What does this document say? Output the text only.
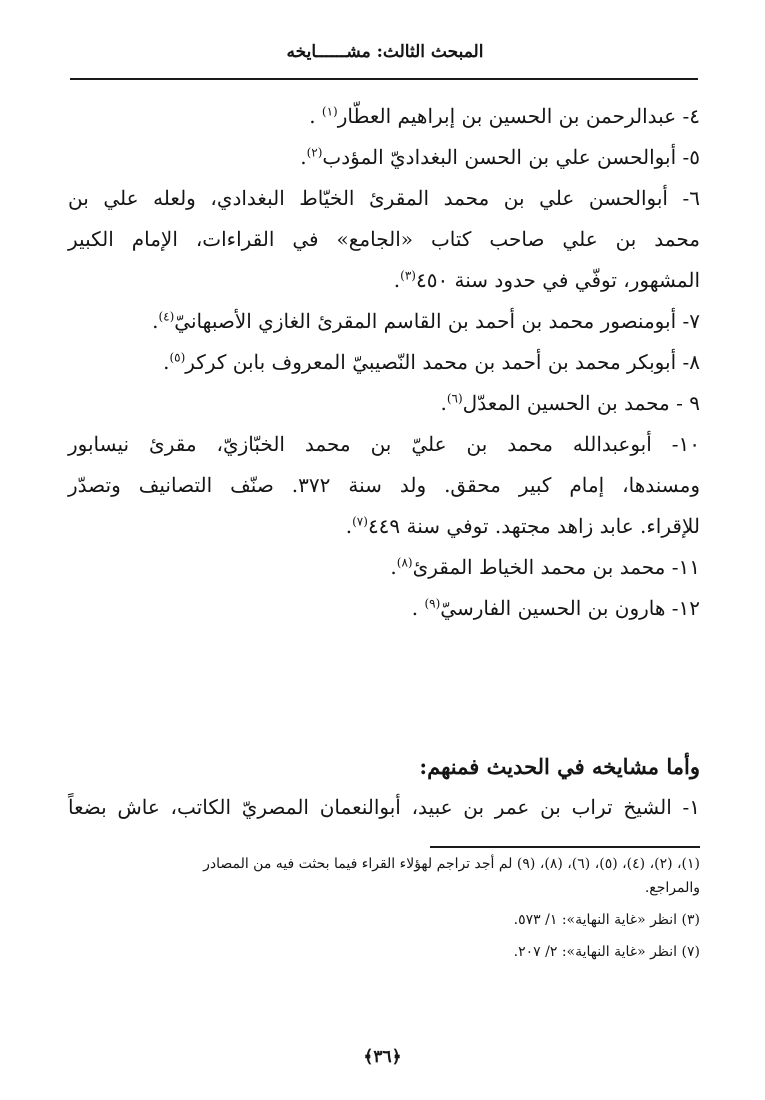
المبحث الثالث: مشــــــايخه

٤- عبدالرحمن بن الحسين بن إبراهيم العطّار$^{(١)}$ .

٥- أبوالحسن علي بن الحسن البغداديّ المؤدب$^{(٢)}$.

٦- أبوالحسن علي بن محمد المقرئ الخيّاط البغدادي، ولعله علي بن

محمد بن علي صاحب كتاب «الجامع» في القراءات، الإمام الكبير

المشهور، توفّي في حدود سنة ٤٥٠$^{(٣)}$.

٧- أبومنصور محمد بن أحمد بن القاسم المقرئ الغازي الأصبهانيّ$^{(٤)}$.

٨- أبوبكر محمد بن أحمد بن محمد النّصيبيّ المعروف بابن كركر$^{(٥)}$.

٩ - محمد بن الحسين المعدّل$^{(٦)}$.

١٠- أبوعبدالله محمد بن عليّ بن محمد الخبّازيّ، مقرئ نيسابور

ومسندها، إمام كبير محقق. ولد سنة ٣٧٢. صنّف التصانيف وتصدّر

للإقراء. عابد زاهد مجتهد. توفي سنة ٤٤٩$^{(٧)}$.

١١- محمد بن محمد الخياط المقرئ$^{(٨)}$.

١٢- هارون بن الحسين الفارسيّ$^{(٩)}$ .

وأما مشايخه في الحديث فمنهم:
١- الشيخ تراب بن عمر بن عبيد، أبوالنعمان المصريّ الكاتب، عاش بضعاً

(١)، (٢)، (٤)، (٥)، (٦)، (٨)، (٩) لم أجد تراجم لهؤلاء القراء فيما بحثت فيه من المصادر

والمراجع.

(٣) انظر «غاية النهاية»: ١/ ٥٧٣.

(٧) انظر «غاية النهاية»: ٢/ ٢٠٧.

﴿٣٦﴾
